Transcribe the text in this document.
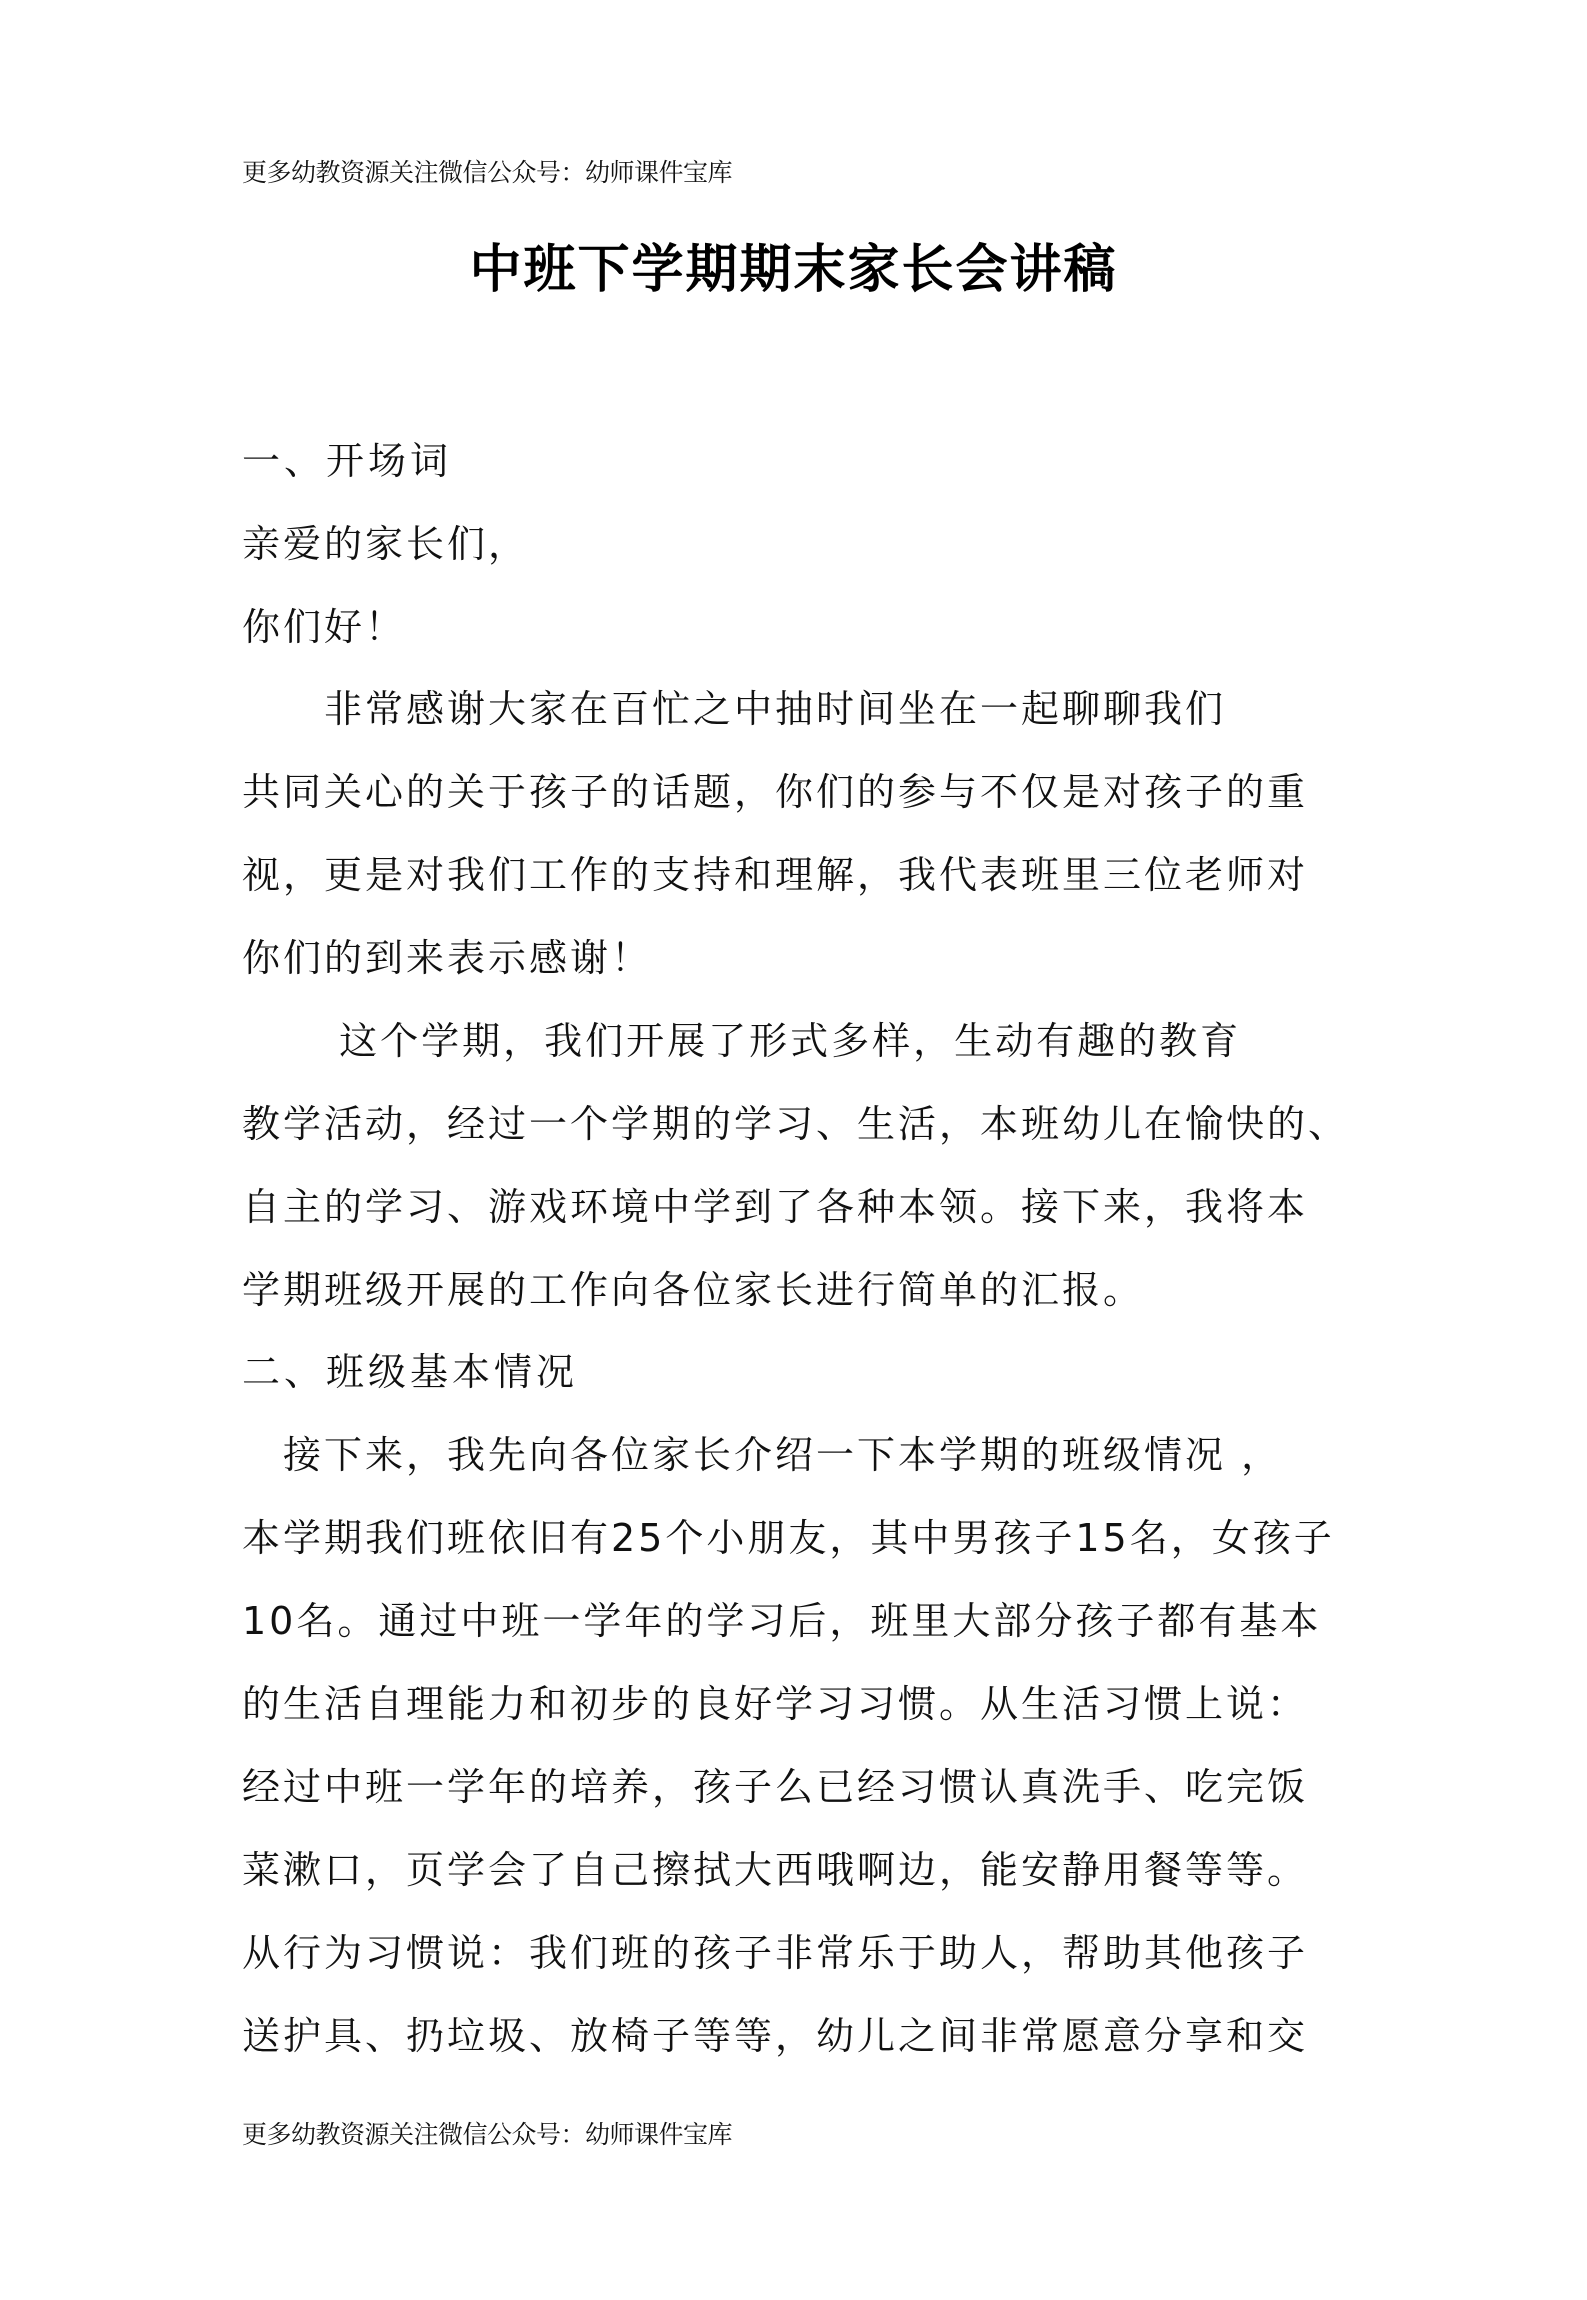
更多幼教资源关注微信公众号：幼师课件宝库
中班下学期期末家长会讲稿
一、开场词
亲爱的家长们，
你们好！
　　非常感谢大家在百忙之中抽时间坐在一起聊聊我们
共同关心的关于孩子的话题，你们的参与不仅是对孩子的重
视，更是对我们工作的支持和理解，我代表班里三位老师对
你们的到来表示感谢！
　　 这个学期，我们开展了形式多样，生动有趣的教育
教学活动，经过一个学期的学习、生活，本班幼儿在愉快的、
自主的学习、游戏环境中学到了各种本领。接下来，我将本
学期班级开展的工作向各位家长进行简单的汇报。
二、班级基本情况
　接下来，我先向各位家长介绍一下本学期的班级情况 ，
本学期我们班依旧有25个小朋友，其中男孩子15名，女孩子
10名。通过中班一学年的学习后，班里大部分孩子都有基本
的生活自理能力和初步的良好学习习惯。从生活习惯上说：
经过中班一学年的培养，孩子么已经习惯认真洗手、吃完饭
菜漱口，页学会了自己擦拭大西哦啊边，能安静用餐等等。
从行为习惯说：我们班的孩子非常乐于助人，帮助其他孩子
送护具、扔垃圾、放椅子等等，幼儿之间非常愿意分享和交
更多幼教资源关注微信公众号：幼师课件宝库
